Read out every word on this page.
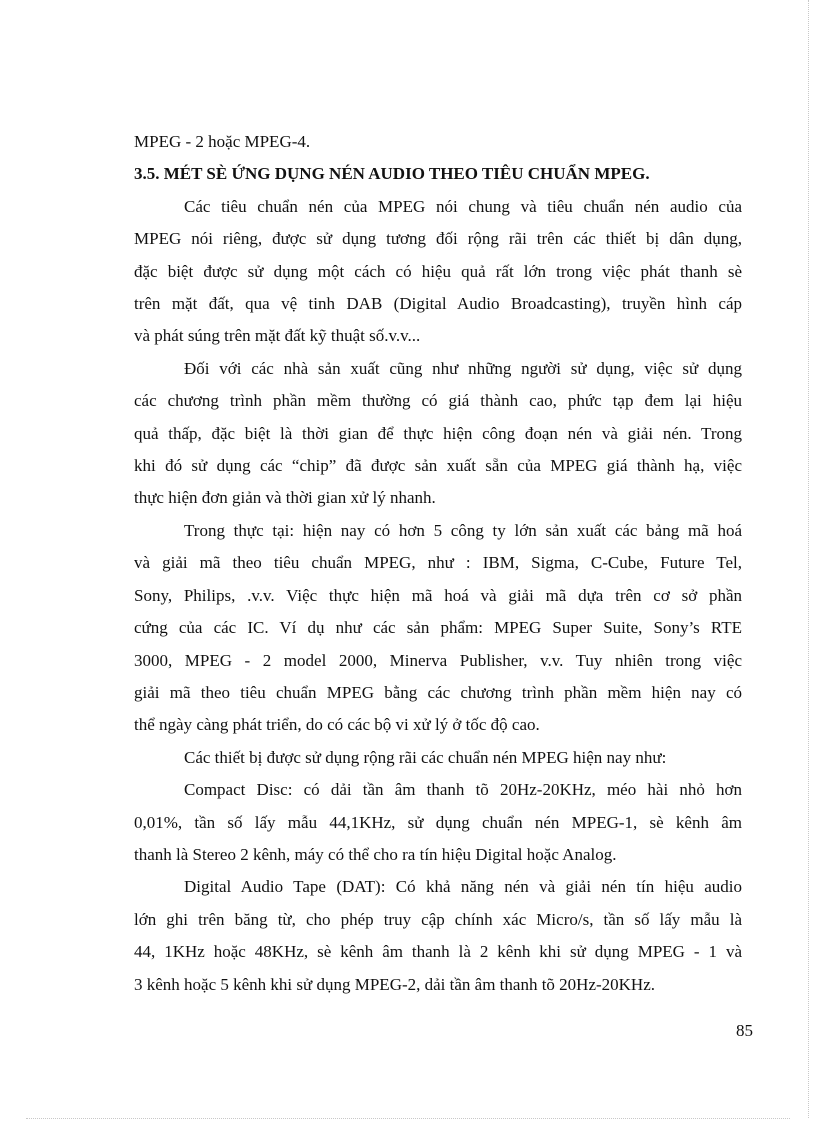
MPEG - 2 hoặc MPEG-4.

3.5. MÉT SÈ ỨNG DỤNG NÉN AUDIO THEO TIÊU CHUẨN MPEG.

Các tiêu chuẩn nén của MPEG nói chung và tiêu chuẩn nén audio của

MPEG nói riêng, được sử dụng tương đối rộng rãi trên các thiết bị dân dụng,

đặc biệt được sử dụng một cách có hiệu quả rất lớn trong việc phát thanh sè

trên mặt đất, qua vệ tinh DAB (Digital Audio Broadcasting), truyền hình cáp

và phát súng trên mặt đất kỹ thuật số.v.v...

Đối với các nhà sản xuất cũng như những người sử dụng, việc sử dụng

các chương trình phần mềm thường có giá thành cao, phức tạp đem lại hiệu

quả thấp, đặc biệt là thời gian để thực hiện công đoạn nén và giải nén. Trong

khi đó sử dụng các “chip” đã được sản xuất sẵn của MPEG giá thành hạ, việc

thực hiện đơn giản và thời gian xử lý nhanh.

Trong thực tại: hiện nay có hơn 5 công ty lớn sản xuất các bảng mã hoá

và giải mã theo tiêu chuẩn MPEG, như : IBM, Sigma, C-Cube, Future Tel,

Sony, Philips, .v.v. Việc thực hiện mã hoá và giải mã dựa trên cơ sở phần

cứng của các IC. Ví dụ như các sản phẩm: MPEG Super Suite, Sony’s RTE

3000, MPEG - 2 model 2000, Minerva Publisher, v.v. Tuy nhiên trong việc

giải mã theo tiêu chuẩn MPEG bằng các chương trình phần mềm hiện nay có

thể ngày càng phát triển, do có các bộ vi xử lý ở tốc độ cao.

Các thiết bị được sử dụng rộng rãi các chuẩn nén MPEG hiện nay như:

Compact Disc: có dải tần âm thanh tõ 20Hz-20KHz, méo hài nhỏ hơn

0,01%, tần số lấy mẫu 44,1KHz, sử dụng chuẩn nén MPEG-1, sè kênh âm

thanh là Stereo 2 kênh, máy có thể cho ra tín hiệu Digital hoặc Analog.

Digital Audio Tape (DAT): Có khả năng nén và giải nén tín hiệu audio

lớn ghi trên băng từ, cho phép truy cập chính xác Micro/s, tần số lấy mẫu là

44, 1KHz hoặc 48KHz, sè kênh âm thanh là 2 kênh khi sử dụng MPEG - 1 và

3 kênh hoặc 5 kênh khi sử dụng MPEG-2, dải tần âm thanh tõ 20Hz-20KHz.

85
